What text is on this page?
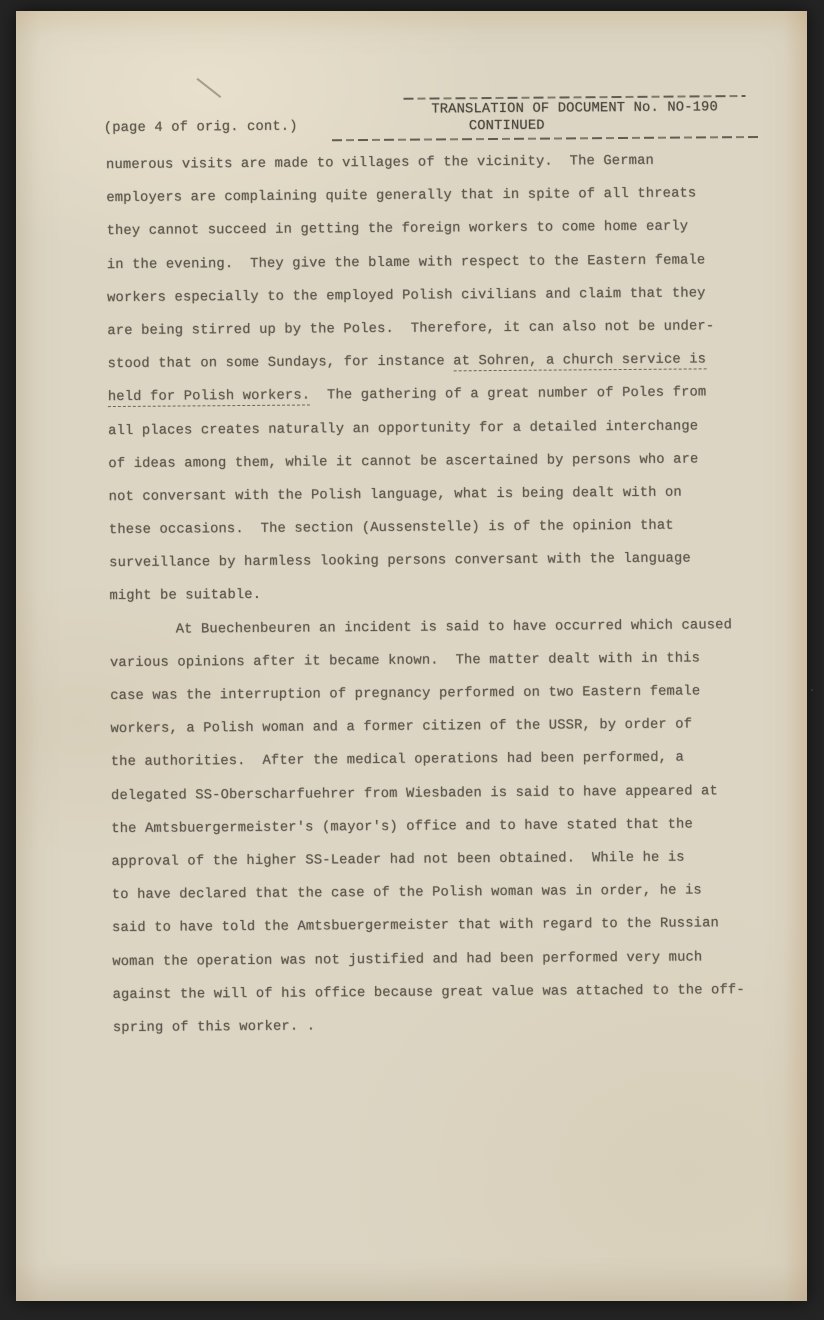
(page 4 of orig. cont.)
TRANSLATION OF DOCUMENT No. NO-190
CONTINUED
numerous visits are made to villages of the vicinity.  The German
employers are complaining quite generally that in spite of all threats
they cannot succeed in getting the foreign workers to come home early
in the evening.  They give the blame with respect to the Eastern female
workers especially to the employed Polish civilians and claim that they
are being stirred up by the Poles.  Therefore, it can also not be under-
stood that on some Sundays, for instance at Sohren, a church service is
held for Polish workers.  The gathering of a great number of Poles from
all places creates naturally an opportunity for a detailed interchange
of ideas among them, while it cannot be ascertained by persons who are
not conversant with the Polish language, what is being dealt with on
these occasions.  The section (Aussenstelle) is of the opinion that
surveillance by harmless looking persons conversant with the language
might be suitable.
At Buechenbeuren an incident is said to have occurred which caused
various opinions after it became known.  The matter dealt with in this
case was the interruption of pregnancy performed on two Eastern female
workers, a Polish woman and a former citizen of the USSR, by order of
the authorities.  After the medical operations had been performed, a
delegated SS-Oberscharfuehrer from Wiesbaden is said to have appeared at
the Amtsbuergermeister's (mayor's) office and to have stated that the
approval of the higher SS-Leader had not been obtained.  While he is
to have declared that the case of the Polish woman was in order, he is
said to have told the Amtsbuergermeister that with regard to the Russian
woman the operation was not justified and had been performed very much
against the will of his office because great value was attached to the off-
spring of this worker. .
